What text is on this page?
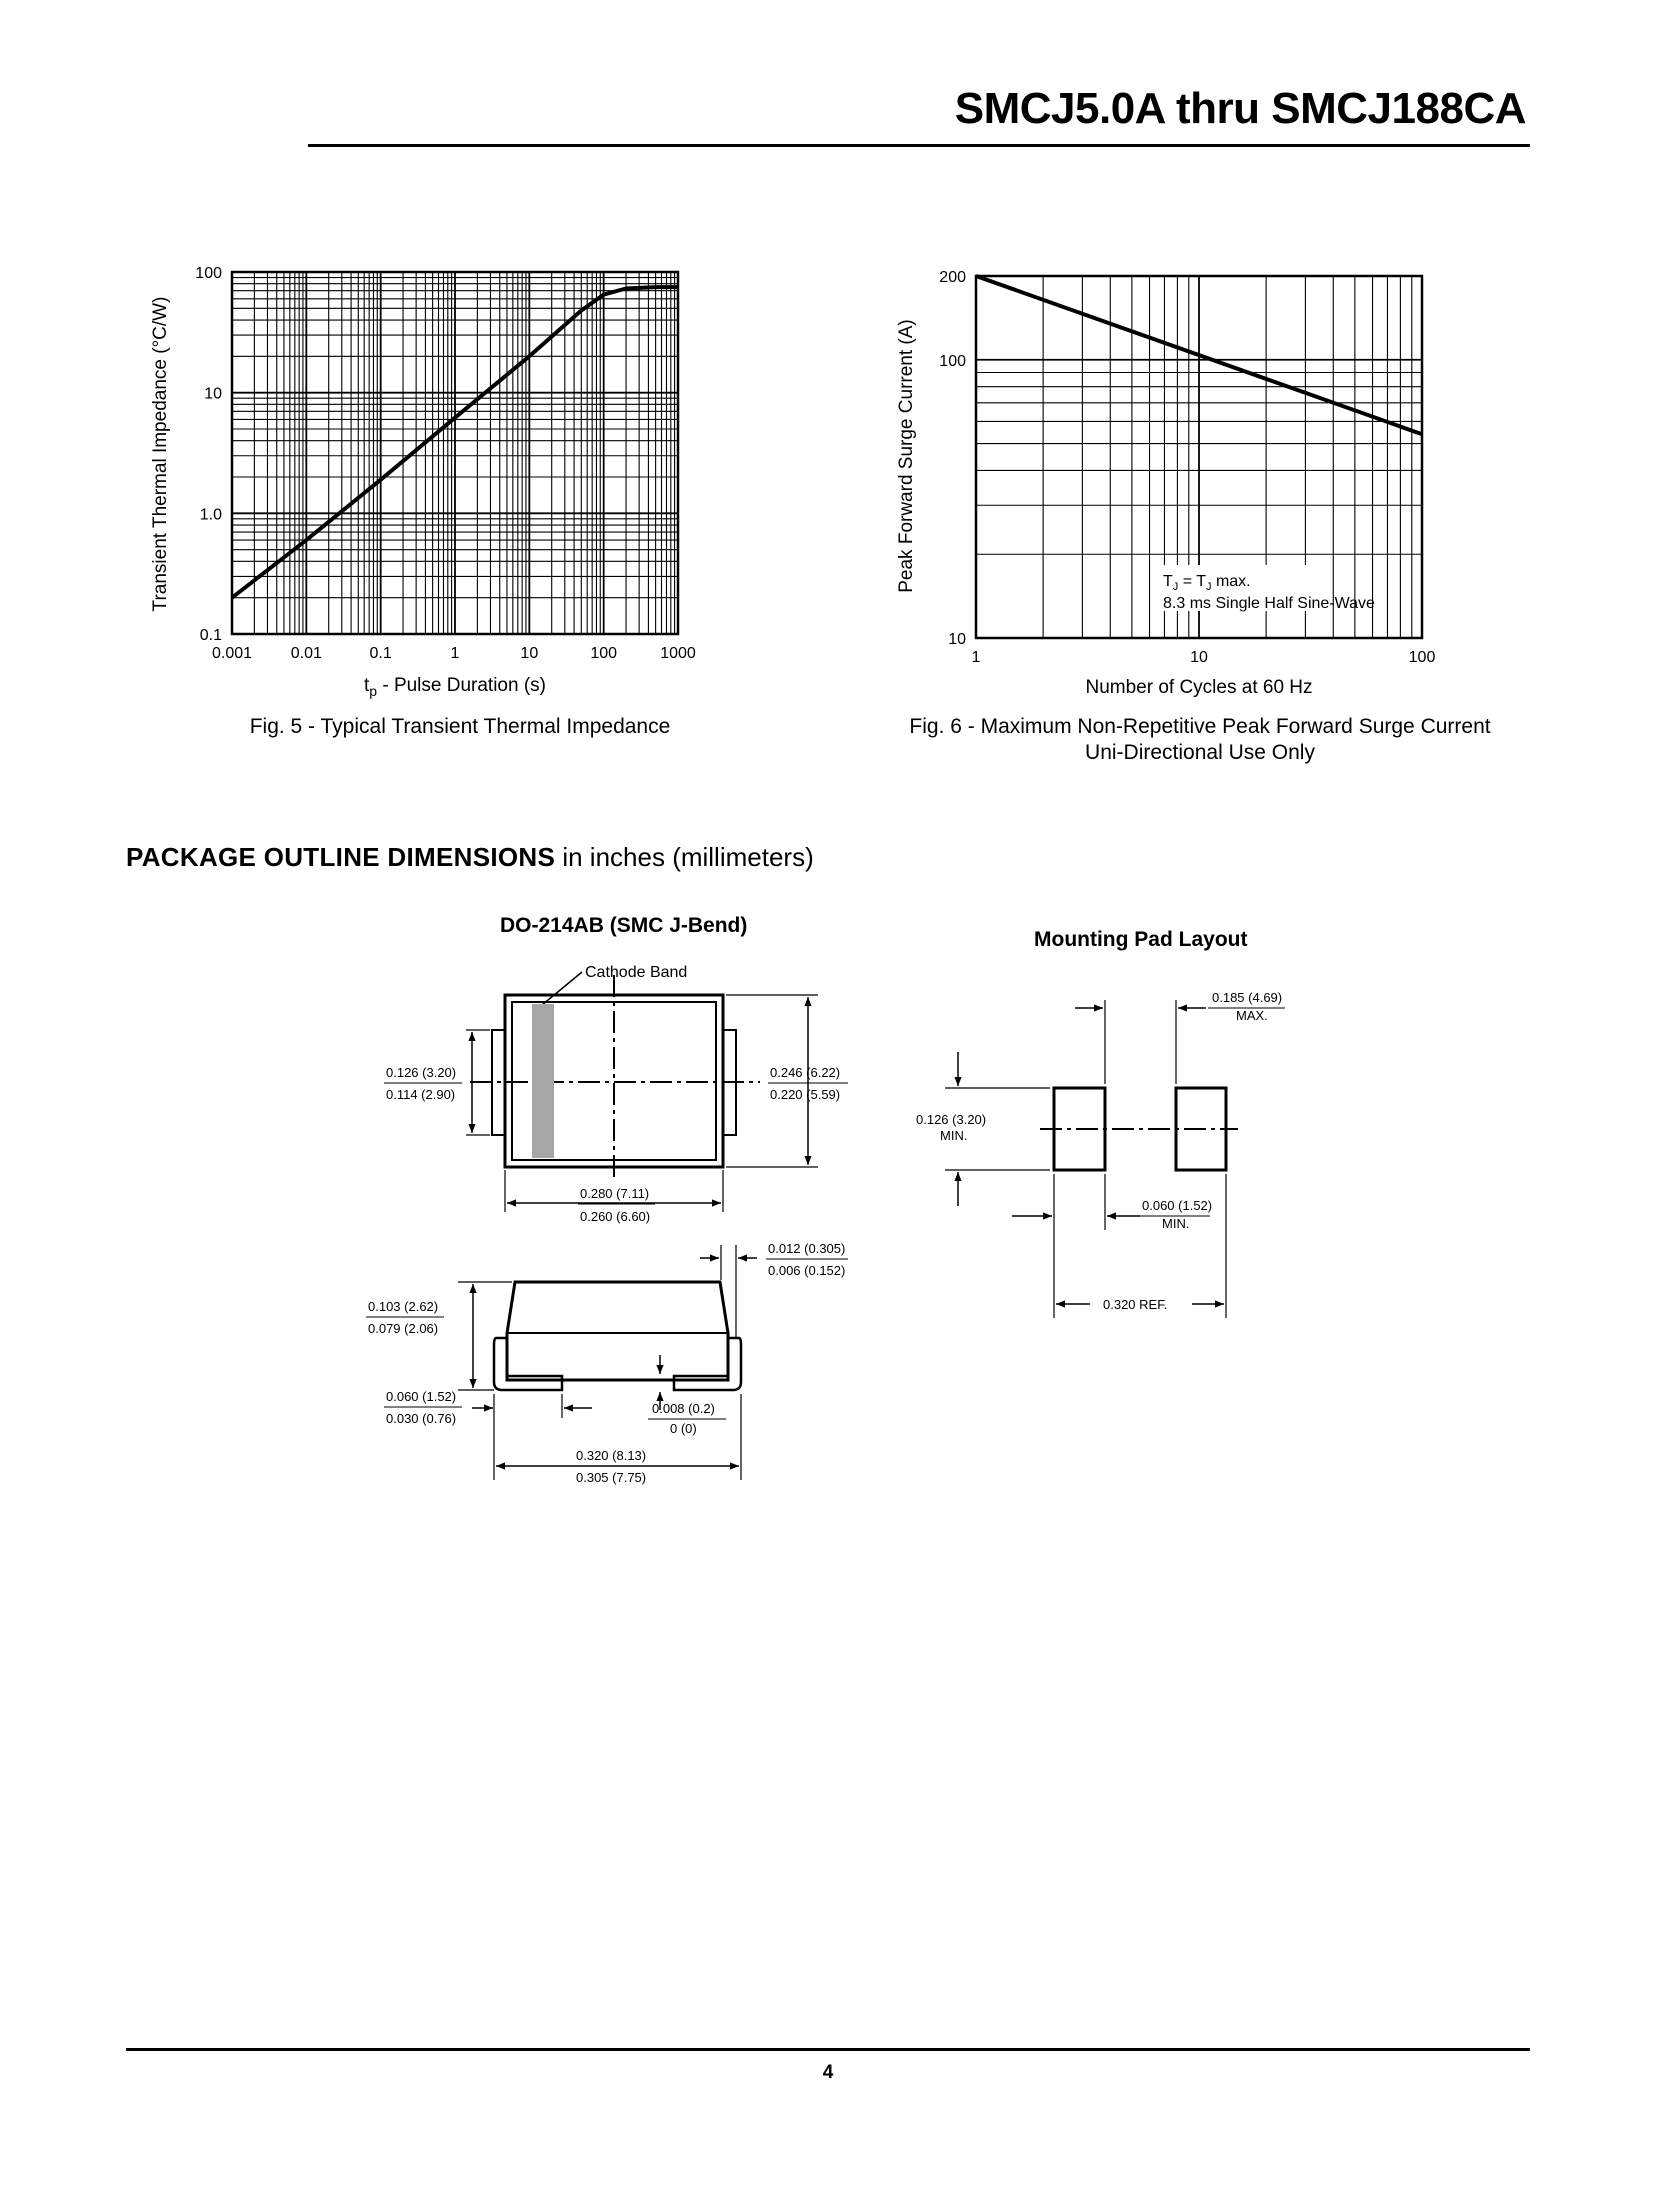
SMCJ5.0A thru SMCJ188CA
0.1
1.0
10
100
0.001 0.01	0.1	1	10	100	1000
Transient Thermal Impedance (°C/W)
$t_p$ - Pulse Duration (s)
Fig. 5 - Typical Transient Thermal Impedance
10
100
200
1	10	100
$T_J = T_J$ max.
8.3 ms Single Half Sine-Wave
Peak Forward Surge Current (A)
Number of Cycles at 60 Hz
Fig. 6 - Maximum Non-Repetitive Peak Forward Surge Current
Uni-Directional Use Only
PACKAGE OUTLINE DIMENSIONS in inches (millimeters)
DO-214AB (SMC J-Bend)
Mounting Pad Layout
Cathode Band
0.126 (3.20)
0.114 (2.90)
0.246 (6.22)
0.220 (5.59)
0.280 (7.11)
0.260 (6.60)
0.012 (0.305)
0.006 (0.152)
0.103 (2.62)
0.079 (2.06)
0.060 (1.52)
0.030 (0.76)
0.008 (0.2)
0 (0)
0.320 (8.13)
0.305 (7.75)
0.185 (4.69)
MAX.
0.126 (3.20)
MIN.
0.060 (1.52)
MIN.
0.320 REF.
4
